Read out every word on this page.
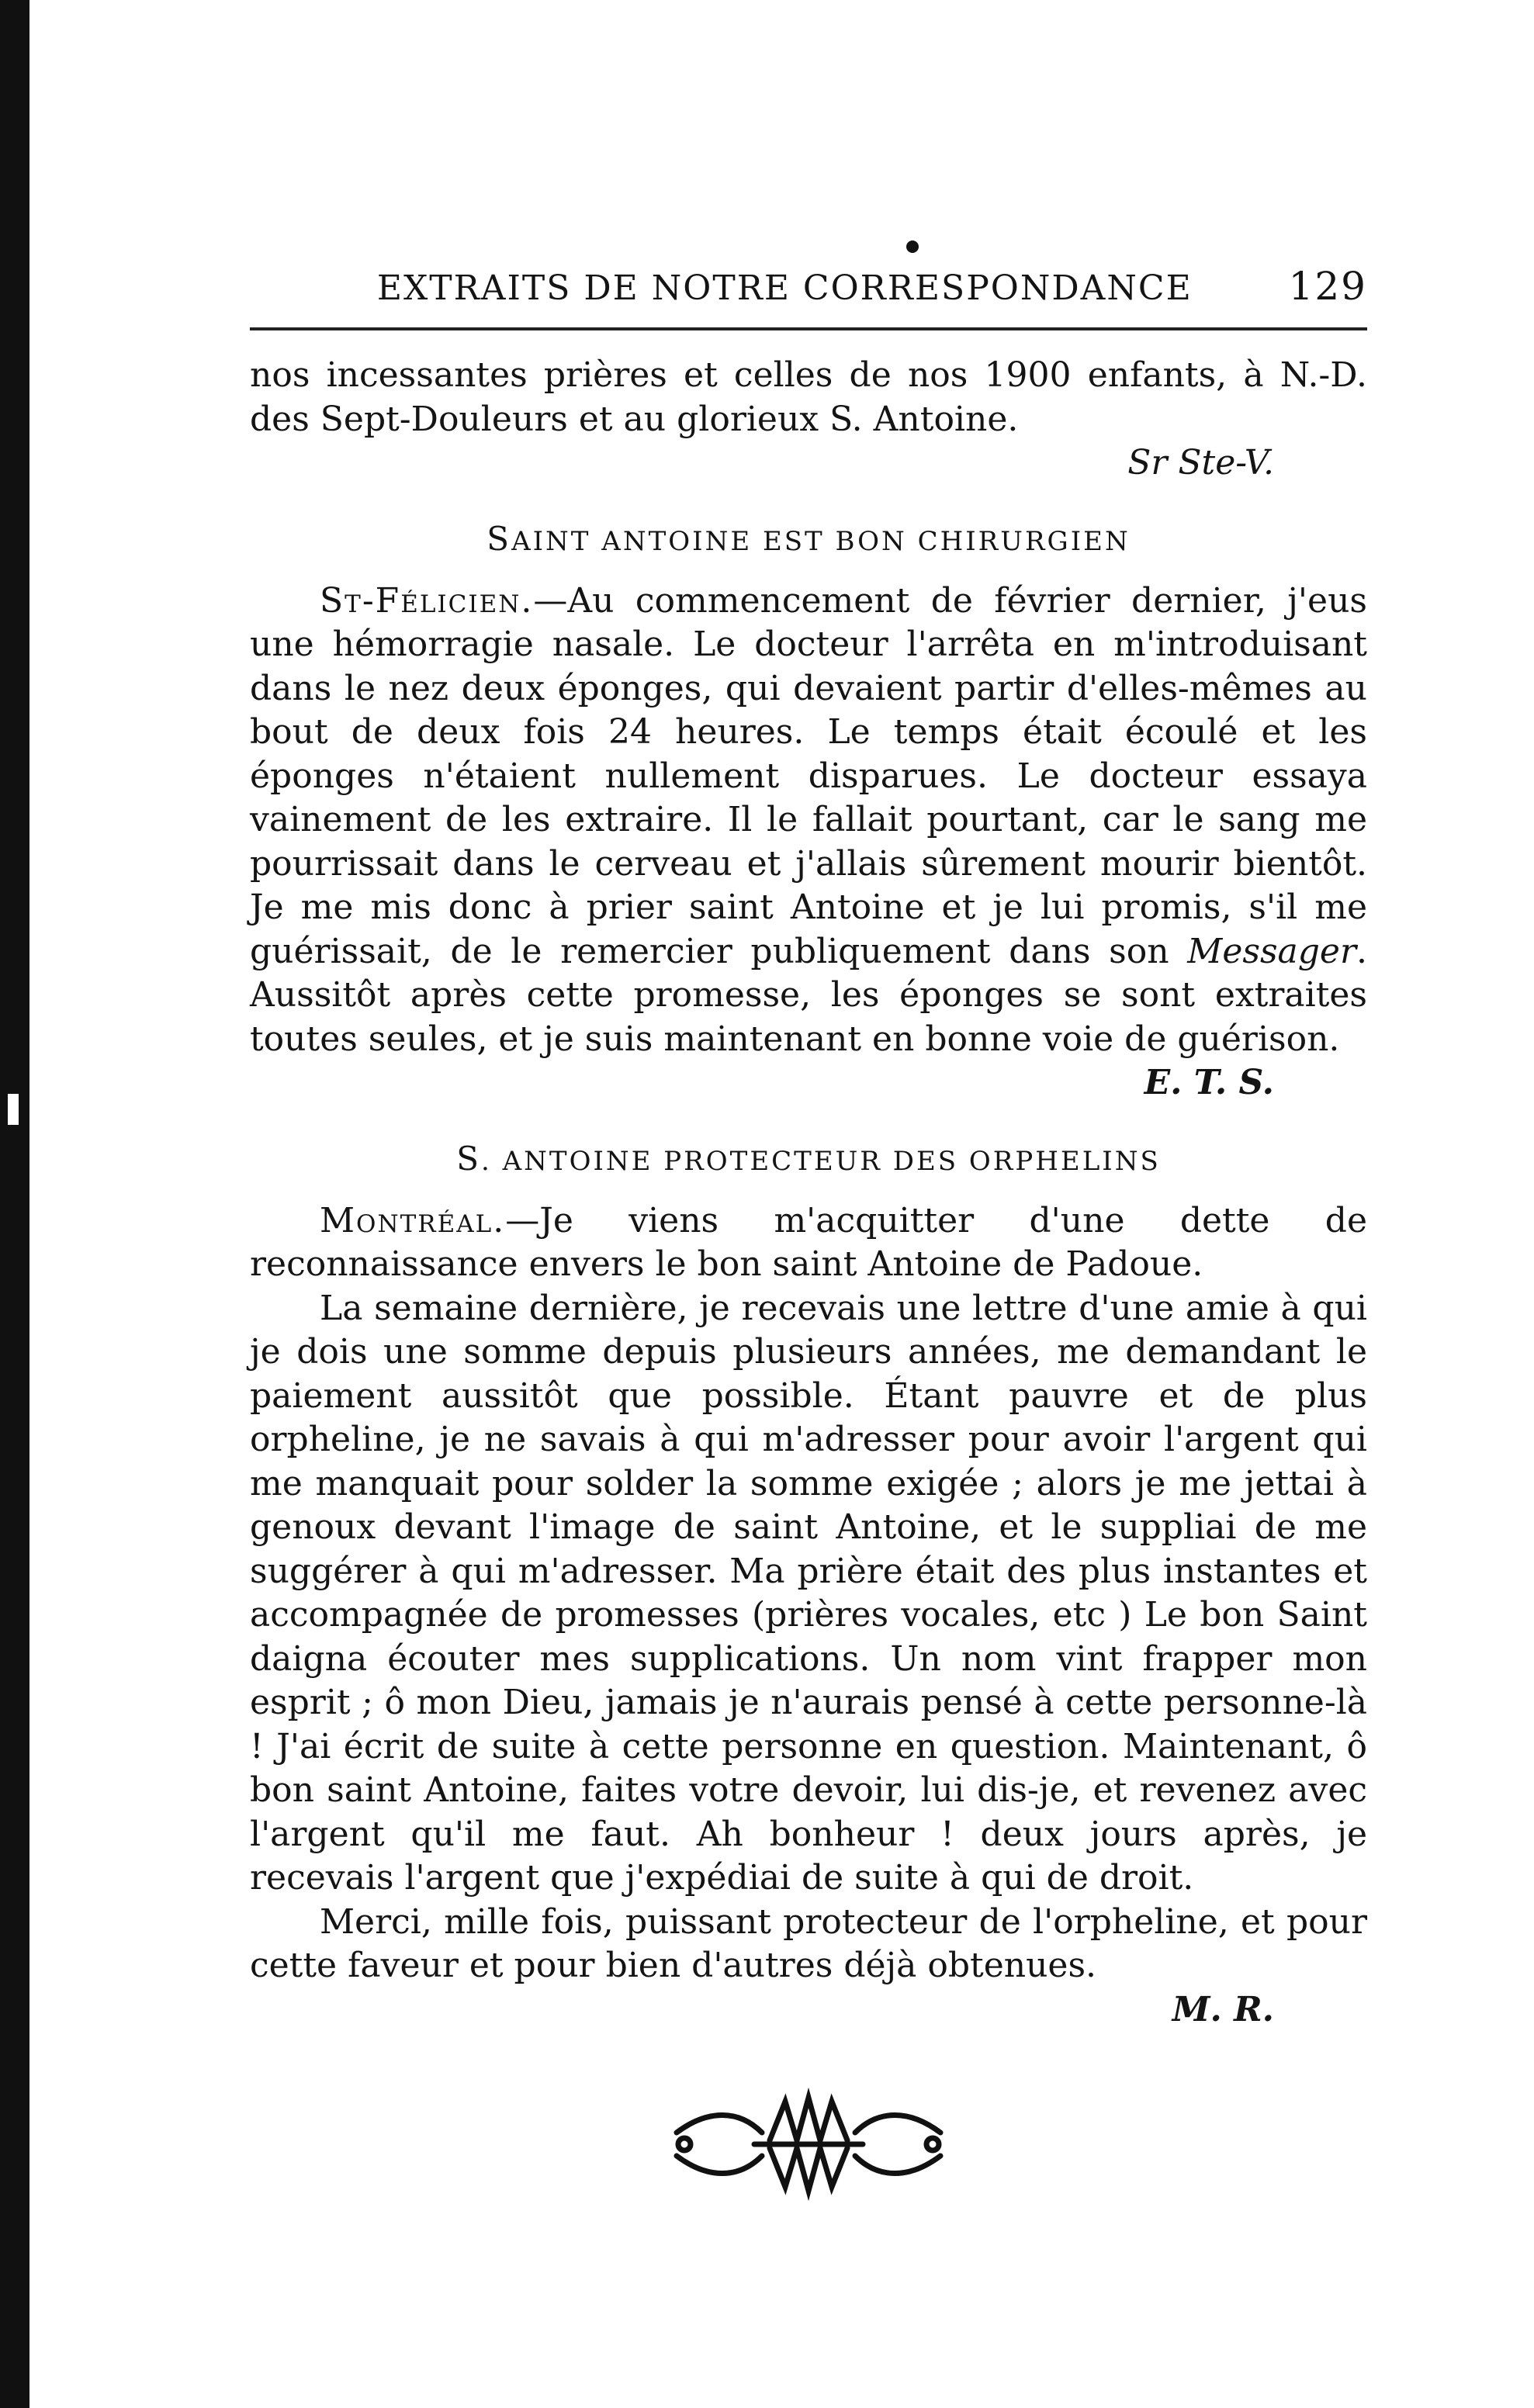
EXTRAITS DE NOTRE CORRESPONDANCE	129

nos incessantes prières et celles de nos 1900 enfants, à N.-D. des Sept-Douleurs et au glorieux S. Antoine.

Sr Ste-V.
SAINT ANTOINE EST BON CHIRURGIEN

St-Félicien.—Au commencement de février dernier, j'eus une hémorragie nasale. Le docteur l'arrêta en m'introduisant dans le nez deux éponges, qui devaient partir d'elles-mêmes au bout de deux fois 24 heures. Le temps était écoulé et les éponges n'étaient nullement disparues. Le docteur essaya vainement de les extraire. Il le fallait pourtant, car le sang me pourrissait dans le cerveau et j'allais sûrement mourir bientôt. Je me mis donc à prier saint Antoine et je lui promis, s'il me guérissait, de le remercier publiquement dans son Messager. Aussitôt après cette promesse, les éponges se sont extraites toutes seules, et je suis maintenant en bonne voie de guérison.

E. T. S.
S. ANTOINE PROTECTEUR DES ORPHELINS

Montréal.—Je viens m'acquitter d'une dette de reconnaissance envers le bon saint Antoine de Padoue.

La semaine dernière, je recevais une lettre d'une amie à qui je dois une somme depuis plusieurs années, me demandant le paiement aussitôt que possible. Étant pauvre et de plus orpheline, je ne savais à qui m'adresser pour avoir l'argent qui me manquait pour solder la somme exigée ; alors je me jettai à genoux devant l'image de saint Antoine, et le suppliai de me suggérer à qui m'adresser. Ma prière était des plus instantes et accompagnée de promesses (prières vocales, etc ) Le bon Saint daigna écouter mes supplications. Un nom vint frapper mon esprit ; ô mon Dieu, jamais je n'aurais pensé à cette personne-là ! J'ai écrit de suite à cette personne en question. Maintenant, ô bon saint Antoine, faites votre devoir, lui dis-je, et revenez avec l'argent qu'il me faut. Ah bonheur ! deux jours après, je recevais l'argent que j'expédiai de suite à qui de droit.

Merci, mille fois, puissant protecteur de l'orpheline, et pour cette faveur et pour bien d'autres déjà obtenues.

M. R.
